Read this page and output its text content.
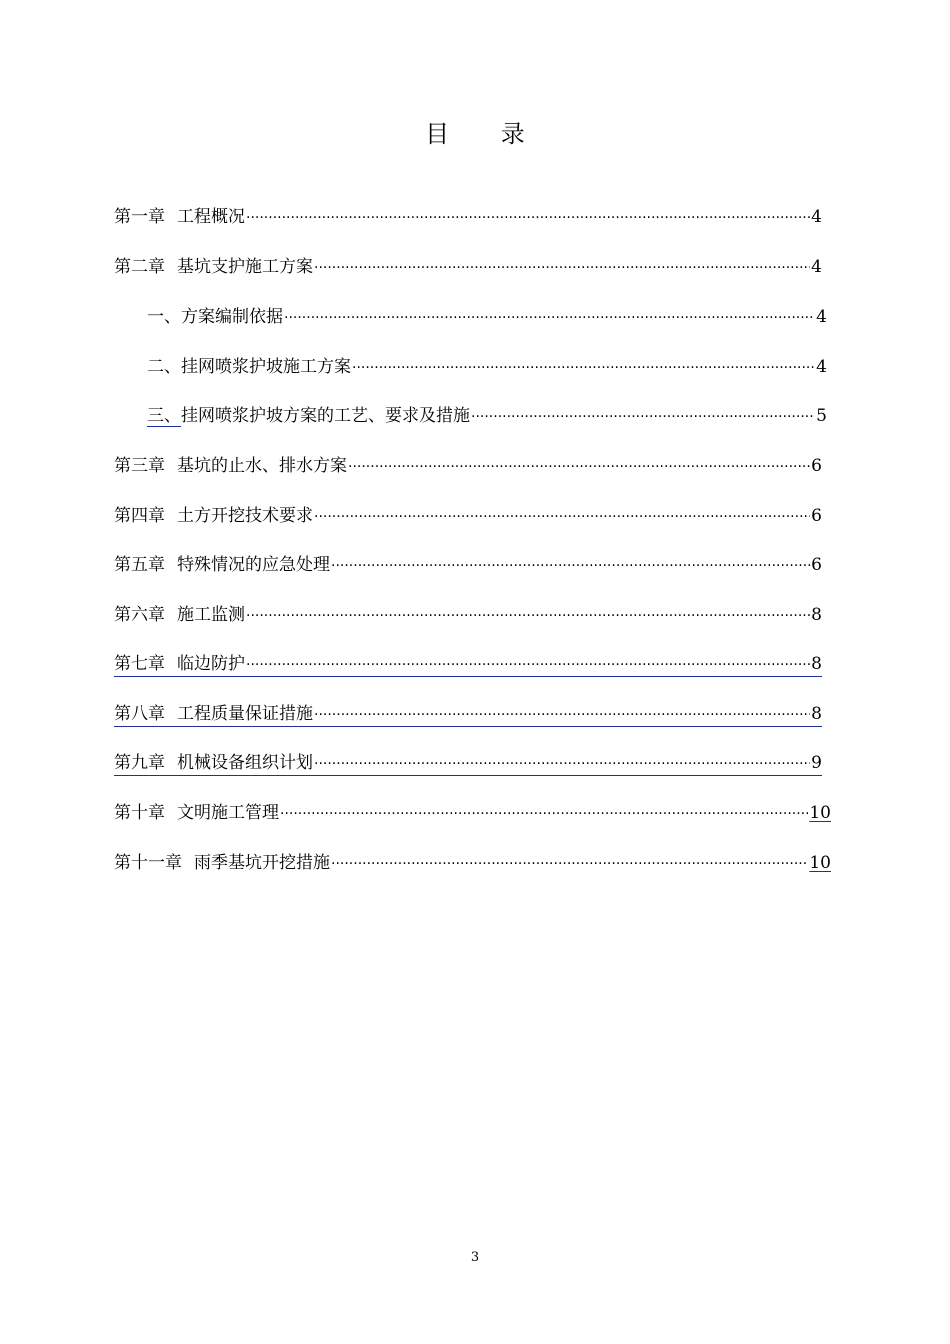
目 录
第一章 工程概况 ·····	4
第二章 基坑支护施工方案 ·····	4
一、方案编制依据 ·····	4
二、挂网喷浆护坡施工方案 ·····	4
三、挂网喷浆护坡方案的工艺、要求及措施 ·····	5
第三章 基坑的止水、排水方案 ·····	6
第四章 土方开挖技术要求 ·····	6
第五章 特殊情况的应急处理 ·····	6
第六章 施工监测 ·····	8
第七章 临边防护 ·····	8
第八章 工程质量保证措施 ·····	8
第九章 机械设备组织计划 ·····	9
第十章 文明施工管理 ·····	10
第十一章 雨季基坑开挖措施 ·····	10
3
